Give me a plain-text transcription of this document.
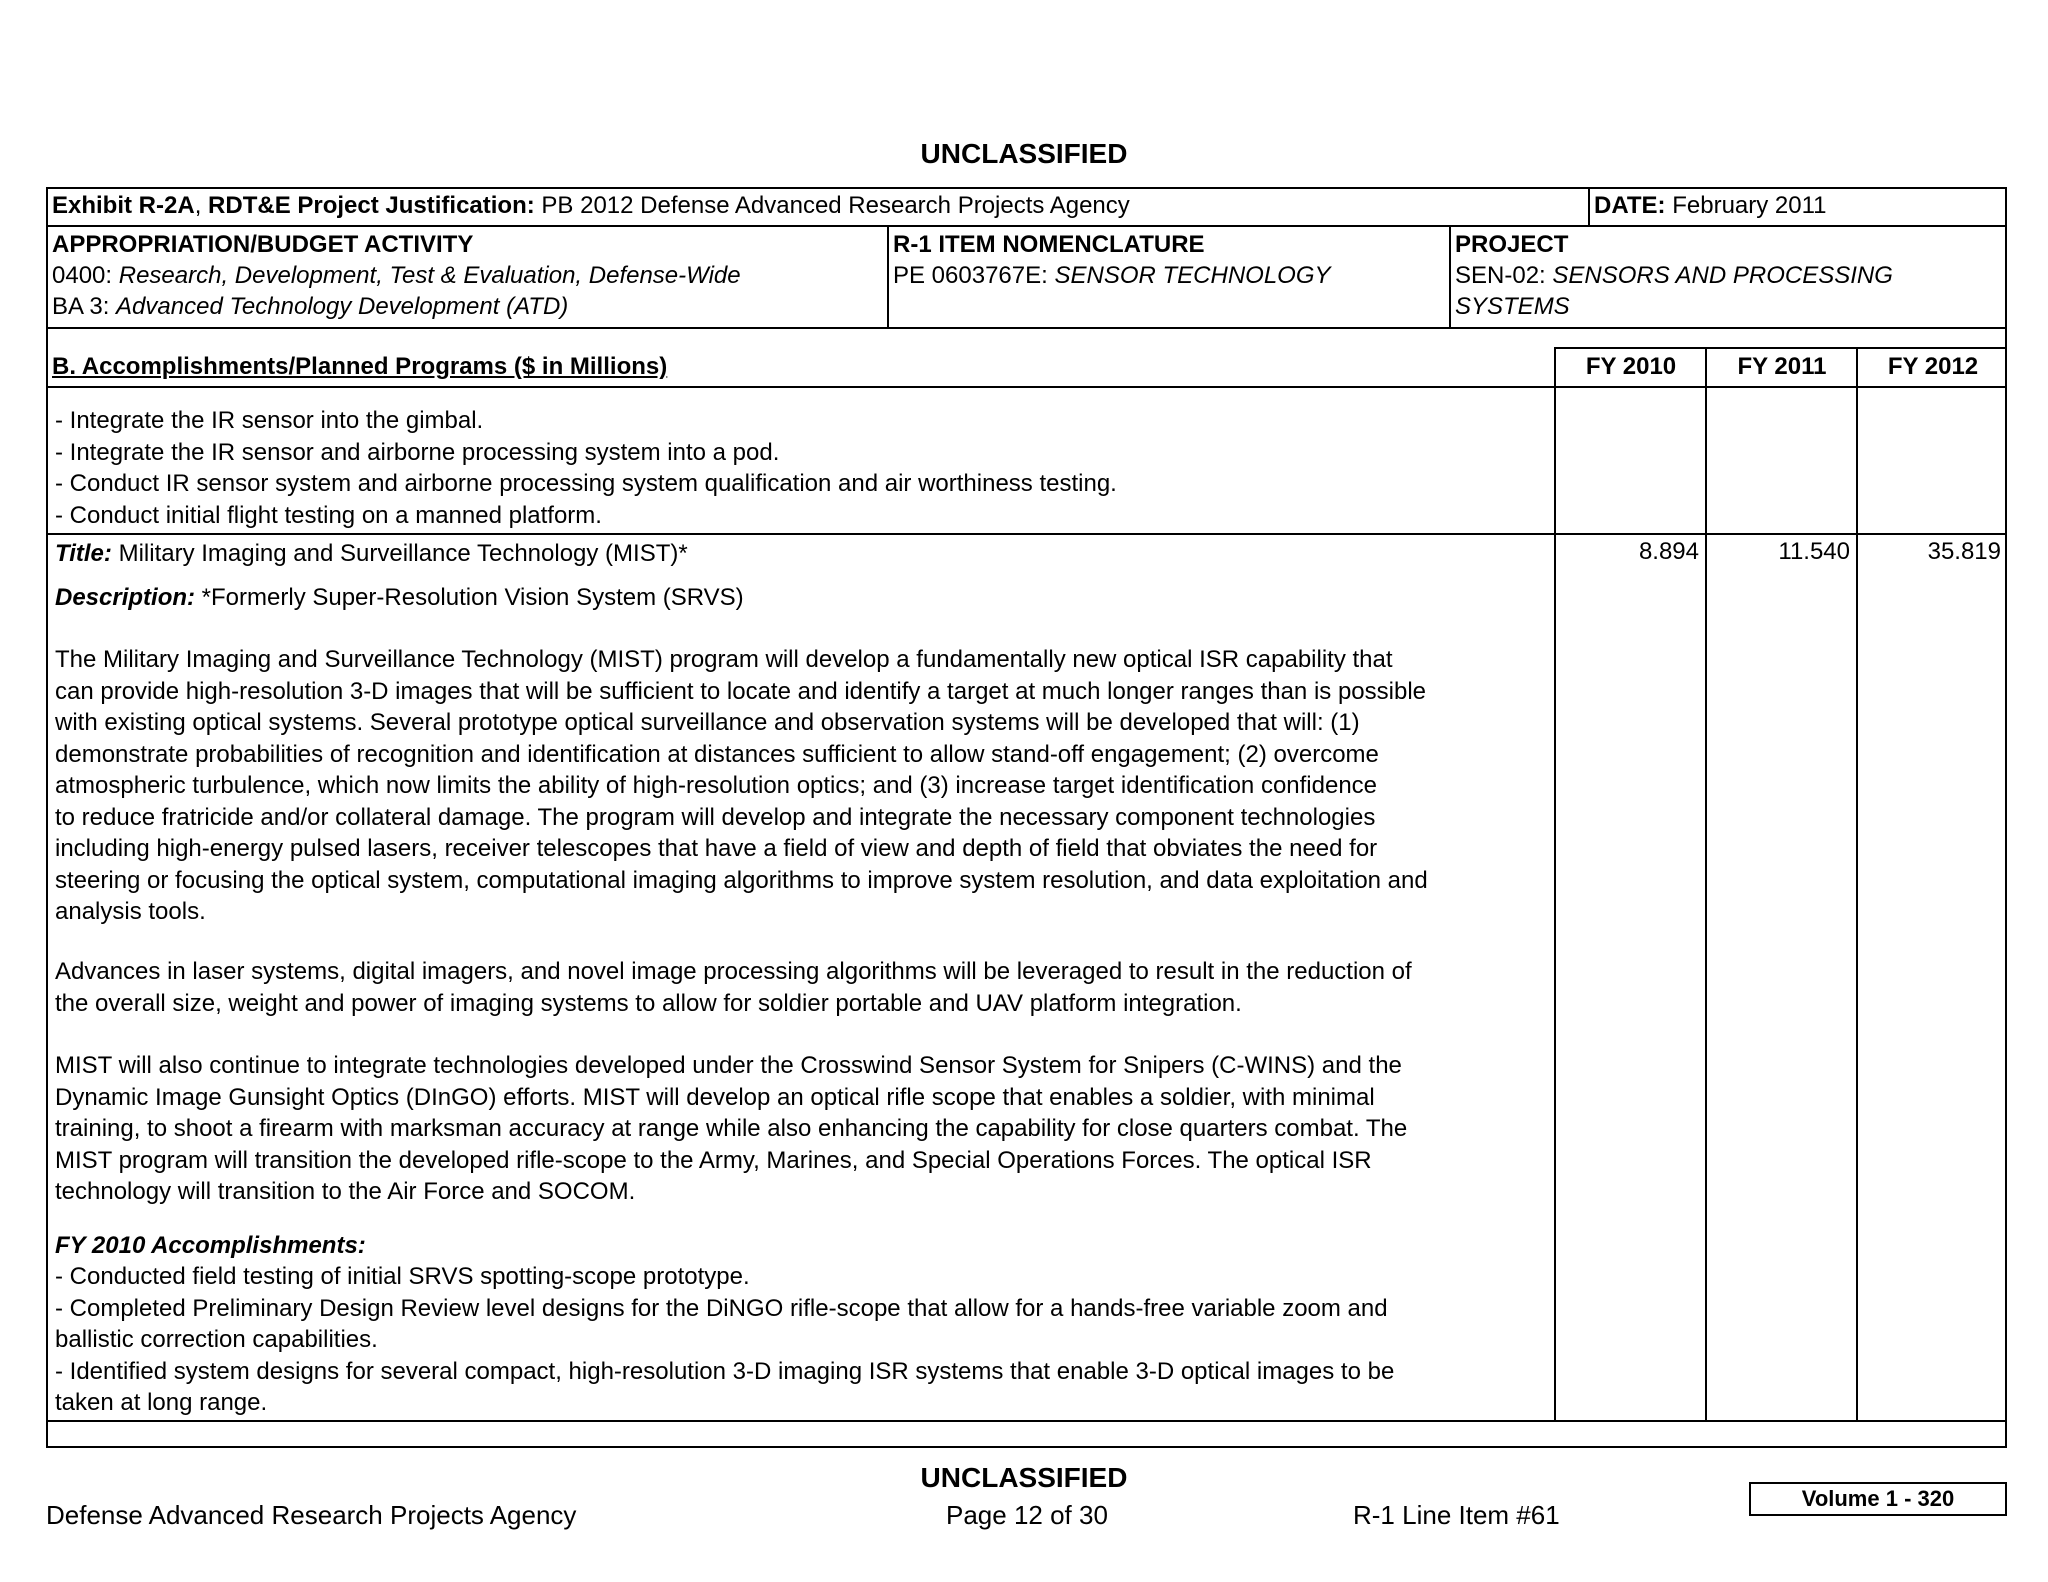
UNCLASSIFIED
Exhibit R-2A, RDT&E Project Justification: PB 2012 Defense Advanced Research Projects Agency	DATE: February 2011
APPROPRIATION/BUDGET ACTIVITY
0400: Research, Development, Test & Evaluation, Defense-Wide
BA 3: Advanced Technology Development (ATD)
R-1 ITEM NOMENCLATURE
PE 0603767E: SENSOR TECHNOLOGY
PROJECT
SEN-02: SENSORS AND PROCESSING
SYSTEMS
B. Accomplishments/Planned Programs ($ in Millions)	FY 2010	FY 2011	FY 2012
- Integrate the IR sensor into the gimbal.
- Integrate the IR sensor and airborne processing system into a pod.
- Conduct IR sensor system and airborne processing system qualification and air worthiness testing.
- Conduct initial flight testing on a manned platform.
Title: Military Imaging and Surveillance Technology (MIST)*	8.894	11.540	35.819
Description: *Formerly Super-Resolution Vision System (SRVS)
The Military Imaging and Surveillance Technology (MIST) program will develop a fundamentally new optical ISR capability that
can provide high-resolution 3-D images that will be sufficient to locate and identify a target at much longer ranges than is possible
with existing optical systems. Several prototype optical surveillance and observation systems will be developed that will: (1)
demonstrate probabilities of recognition and identification at distances sufficient to allow stand-off engagement; (2) overcome
atmospheric turbulence, which now limits the ability of high-resolution optics; and (3) increase target identification confidence
to reduce fratricide and/or collateral damage. The program will develop and integrate the necessary component technologies
including high-energy pulsed lasers, receiver telescopes that have a field of view and depth of field that obviates the need for
steering or focusing the optical system, computational imaging algorithms to improve system resolution, and data exploitation and
analysis tools.
Advances in laser systems, digital imagers, and novel image processing algorithms will be leveraged to result in the reduction of
the overall size, weight and power of imaging systems to allow for soldier portable and UAV platform integration.
MIST will also continue to integrate technologies developed under the Crosswind Sensor System for Snipers (C-WINS) and the
Dynamic Image Gunsight Optics (DInGO) efforts. MIST will develop an optical rifle scope that enables a soldier, with minimal
training, to shoot a firearm with marksman accuracy at range while also enhancing the capability for close quarters combat. The
MIST program will transition the developed rifle-scope to the Army, Marines, and Special Operations Forces. The optical ISR
technology will transition to the Air Force and SOCOM.
FY 2010 Accomplishments:
- Conducted field testing of initial SRVS spotting-scope prototype.
- Completed Preliminary Design Review level designs for the DiNGO rifle-scope that allow for a hands-free variable zoom and
ballistic correction capabilities.
- Identified system designs for several compact, high-resolution 3-D imaging ISR systems that enable 3-D optical images to be
taken at long range.
UNCLASSIFIED
Defense Advanced Research Projects Agency	Page 12 of 30	R-1 Line Item #61
Volume 1 - 320
